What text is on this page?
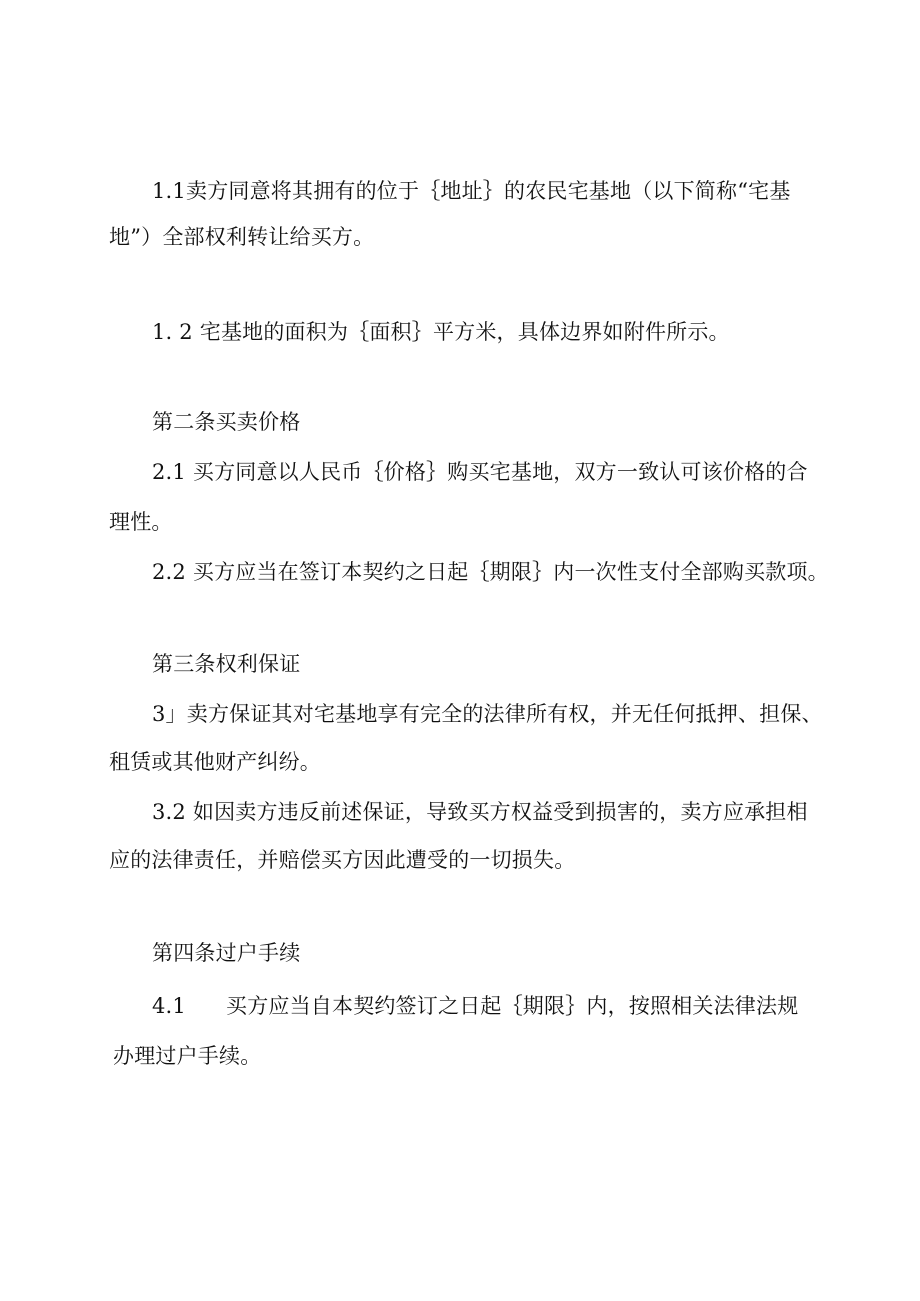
1.1卖方同意将其拥有的位于｛地址｝的农民宅基地（以下简称“宅基
地”）全部权利转让给买方。
1. 2 宅基地的面积为｛面积｝平方米，具体边界如附件所示。
第二条买卖价格
2.1 买方同意以人民币｛价格｝购买宅基地，双方一致认可该价格的合
理性。
2.2 买方应当在签订本契约之日起｛期限｝内一次性支付全部购买款项。
第三条权利保证
3」卖方保证其对宅基地享有完全的法律所有权，并无任何抵押、担保、
租赁或其他财产纠纷。
3.2 如因卖方违反前述保证，导致买方权益受到损害的，卖方应承担相
应的法律责任，并赔偿买方因此遭受的一切损失。
第四条过户手续
4.1 买方应当自本契约签订之日起｛期限｝内，按照相关法律法规
办理过户手续。
